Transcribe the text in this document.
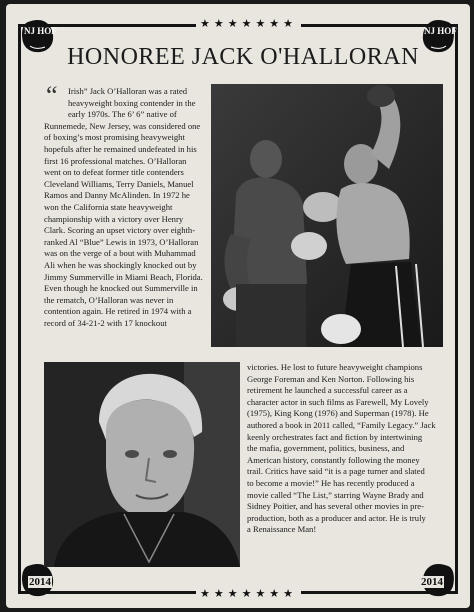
★★★★★★★
★★★★★★★
NJ HOF	NJ HOF
2014	2014
HONOREE JACK O'HALLORAN
“	Irish” Jack O’Halloran was a rated
heavyweight boxing contender in the
early 1970s. The 6’ 6” native of
Runnemede, New Jersey, was considered one
of boxing’s most promising heavyweight
hopefuls after he remained undefeated in his
first 16 professional matches. O’Halloran
went on to defeat former title contenders
Cleveland Williams, Terry Daniels, Manuel
Ramos and Danny McAlinden. In 1972 he
won the California state heavyweight
championship with a victory over Henry
Clark. Scoring an upset victory over eighth-
ranked Al “Blue” Lewis in 1973, O’Halloran
was on the verge of a bout with Muhammad
Ali when he was shockingly knocked out by
Jimmy Summerville in Miami Beach, Florida.
Even though he knocked out Summerville in
the rematch, O’Halloran was never in
contention again. He retired in 1974 with a
record of 34-21-2 with 17 knockout
victories. He lost to future heavyweight champions
George Foreman and Ken Norton. Following his
retirement he launched a successful career as a
character actor in such films as Farewell, My Lovely
(1975), King Kong (1976) and Superman (1978). He
authored a book in 2011 called, “Family Legacy.” Jack
keenly orchestrates fact and fiction by intertwining
the mafia, government, politics, business, and
American history, constantly following the money
trail. Critics have said “it is a page turner and slated
to become a movie!” He has recently produced a
movie called “The List,” starring Wayne Brady and
Sidney Poitier, and has several other movies in pre-
production, both as a producer and actor. He is truly
a Renaissance Man!
